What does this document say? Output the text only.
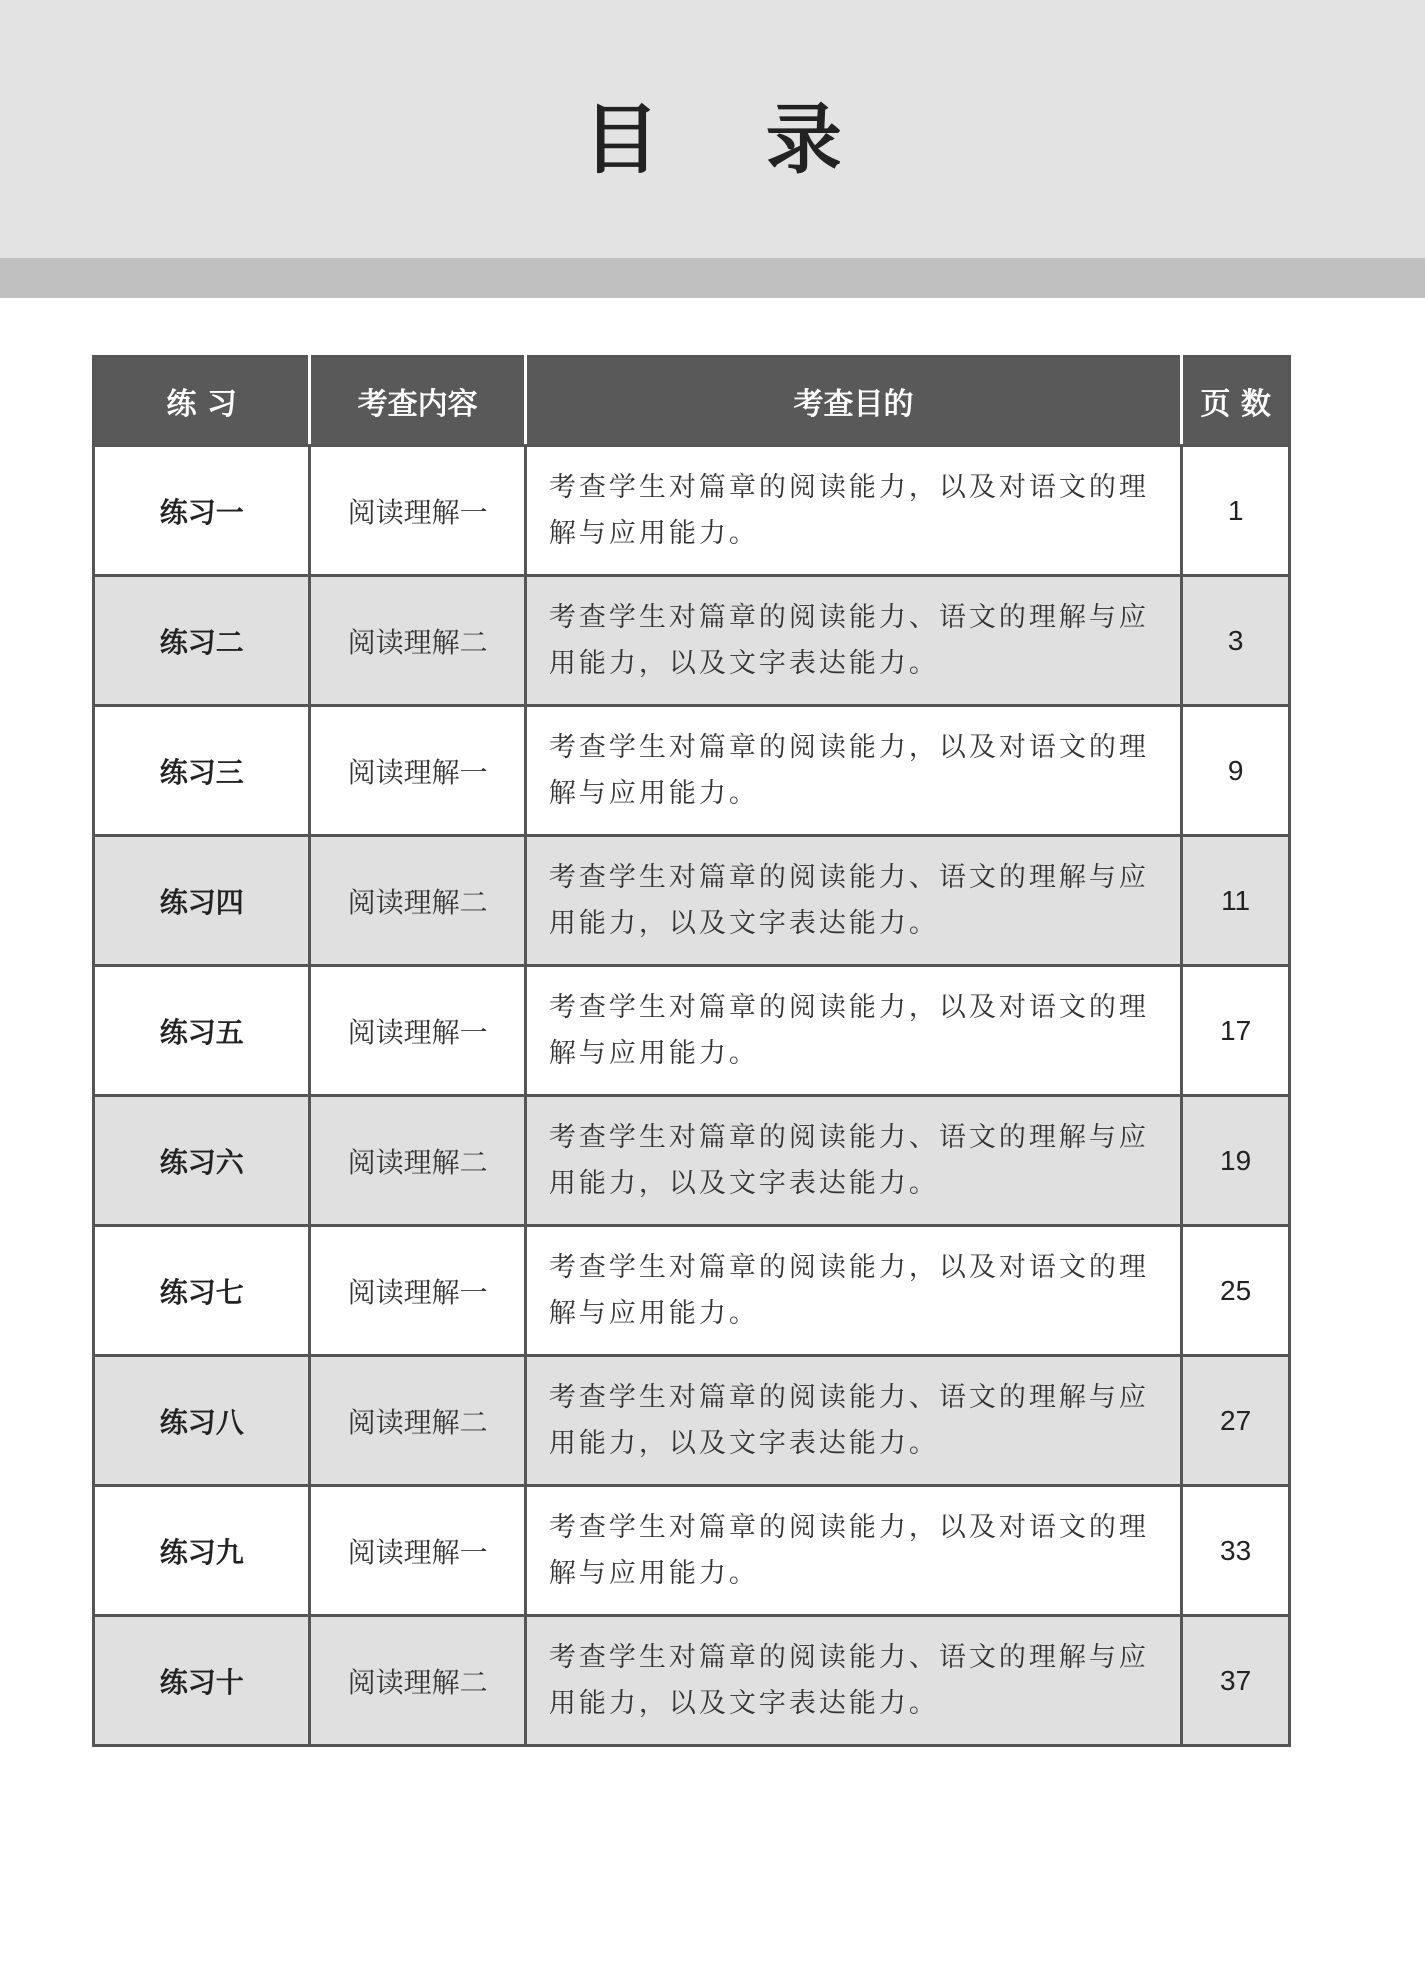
目 录
练 习	考查内容	考查目的	页 数
练习一	阅读理解一	考查学生对篇章的阅读能力，以及对语文的理解与应用能力。	1
练习二	阅读理解二	考查学生对篇章的阅读能力、语文的理解与应用能力，以及文字表达能力。	3
练习三	阅读理解一	考查学生对篇章的阅读能力，以及对语文的理解与应用能力。	9
练习四	阅读理解二	考查学生对篇章的阅读能力、语文的理解与应用能力，以及文字表达能力。	11
练习五	阅读理解一	考查学生对篇章的阅读能力，以及对语文的理解与应用能力。	17
练习六	阅读理解二	考查学生对篇章的阅读能力、语文的理解与应用能力，以及文字表达能力。	19
练习七	阅读理解一	考查学生对篇章的阅读能力，以及对语文的理解与应用能力。	25
练习八	阅读理解二	考查学生对篇章的阅读能力、语文的理解与应用能力，以及文字表达能力。	27
练习九	阅读理解一	考查学生对篇章的阅读能力，以及对语文的理解与应用能力。	33
练习十	阅读理解二	考查学生对篇章的阅读能力、语文的理解与应用能力，以及文字表达能力。	37
